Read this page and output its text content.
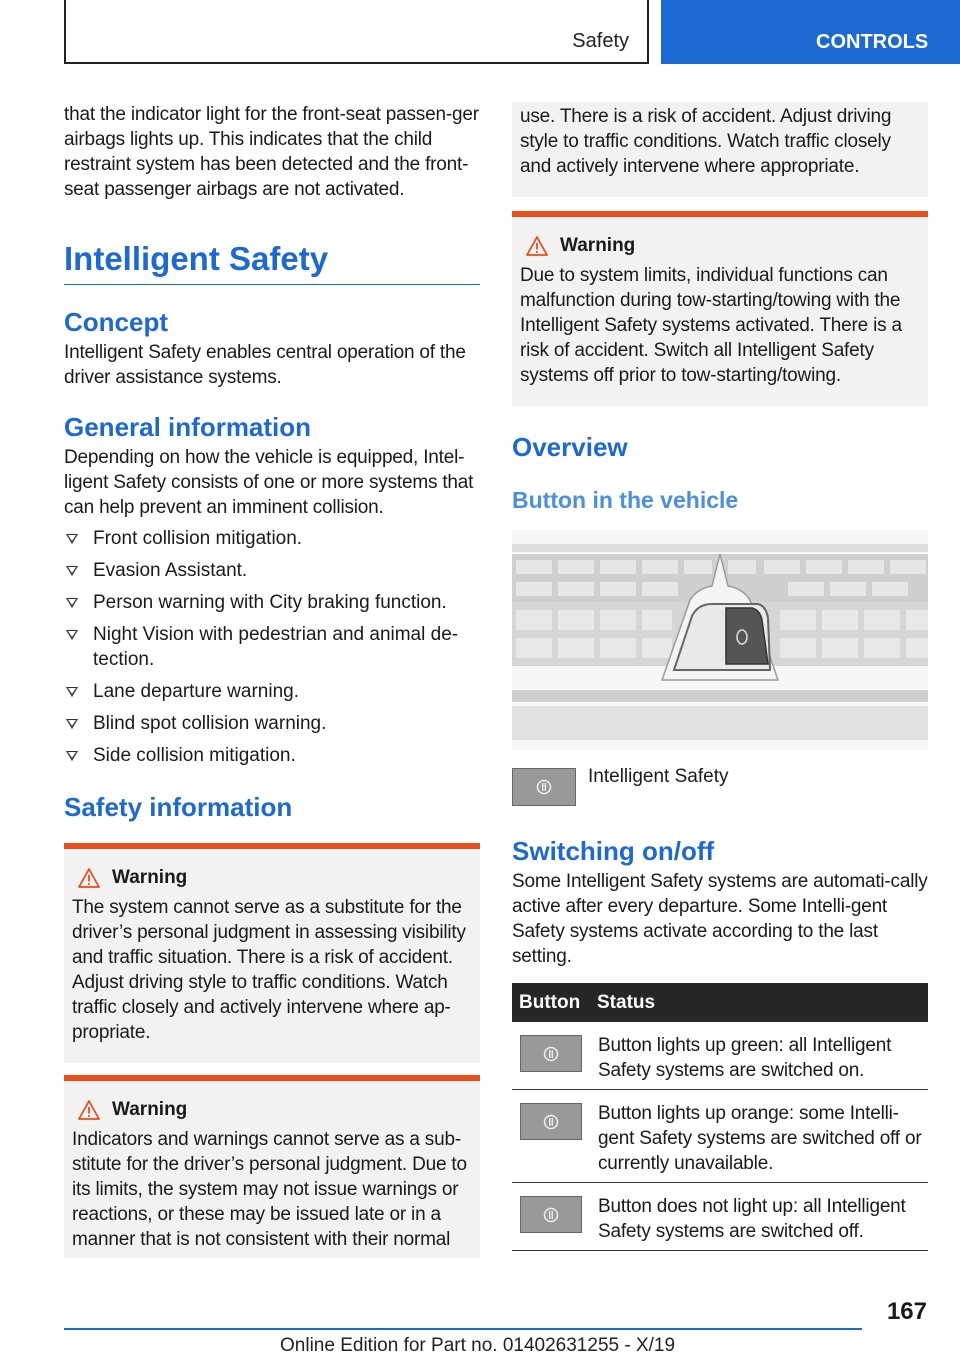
Safety	CONTROLS

that the indicator light for the front-seat passen-ger airbags lights up. This indicates that the child restraint system has been detected and the front-seat passenger airbags are not activated.

Intelligent Safety
Concept

Intelligent Safety enables central operation of the driver assistance systems.

General information

Depending on how the vehicle is equipped, Intel-ligent Safety consists of one or more systems that can help prevent an imminent collision.

Front collision mitigation.
Evasion Assistant.
Person warning with City braking function.
Night Vision with pedestrian and animal de-tection.
Lane departure warning.
Blind spot collision warning.
Side collision mitigation.
Safety information
Warning

The system cannot serve as a substitute for the driver’s personal judgment in assessing visibility and traffic situation. There is a risk of accident. Adjust driving style to traffic conditions. Watch traffic closely and actively intervene where ap-propriate.

Warning

Indicators and warnings cannot serve as a sub-stitute for the driver’s personal judgment. Due to its limits, the system may not issue warnings or reactions, or these may be issued late or in a manner that is not consistent with their normal

use. There is a risk of accident. Adjust driving style to traffic conditions. Watch traffic closely and actively intervene where appropriate.

Warning

Due to system limits, individual functions can malfunction during tow-starting/towing with the Intelligent Safety systems activated. There is a risk of accident. Switch all Intelligent Safety systems off prior to tow-starting/towing.

Overview
Button in the vehicle
Intelligent Safety
Switching on/off

Some Intelligent Safety systems are automati-cally active after every departure. Some Intelli-gent Safety systems activate according to the last setting.

Button	Status

	Button lights up green: all Intelligent Safety systems are switched on.

	Button lights up orange: some Intelli-gent Safety systems are switched off or currently unavailable.

	Button does not light up: all Intelligent Safety systems are switched off.
167
Online Edition for Part no. 01402631255 - X/19
